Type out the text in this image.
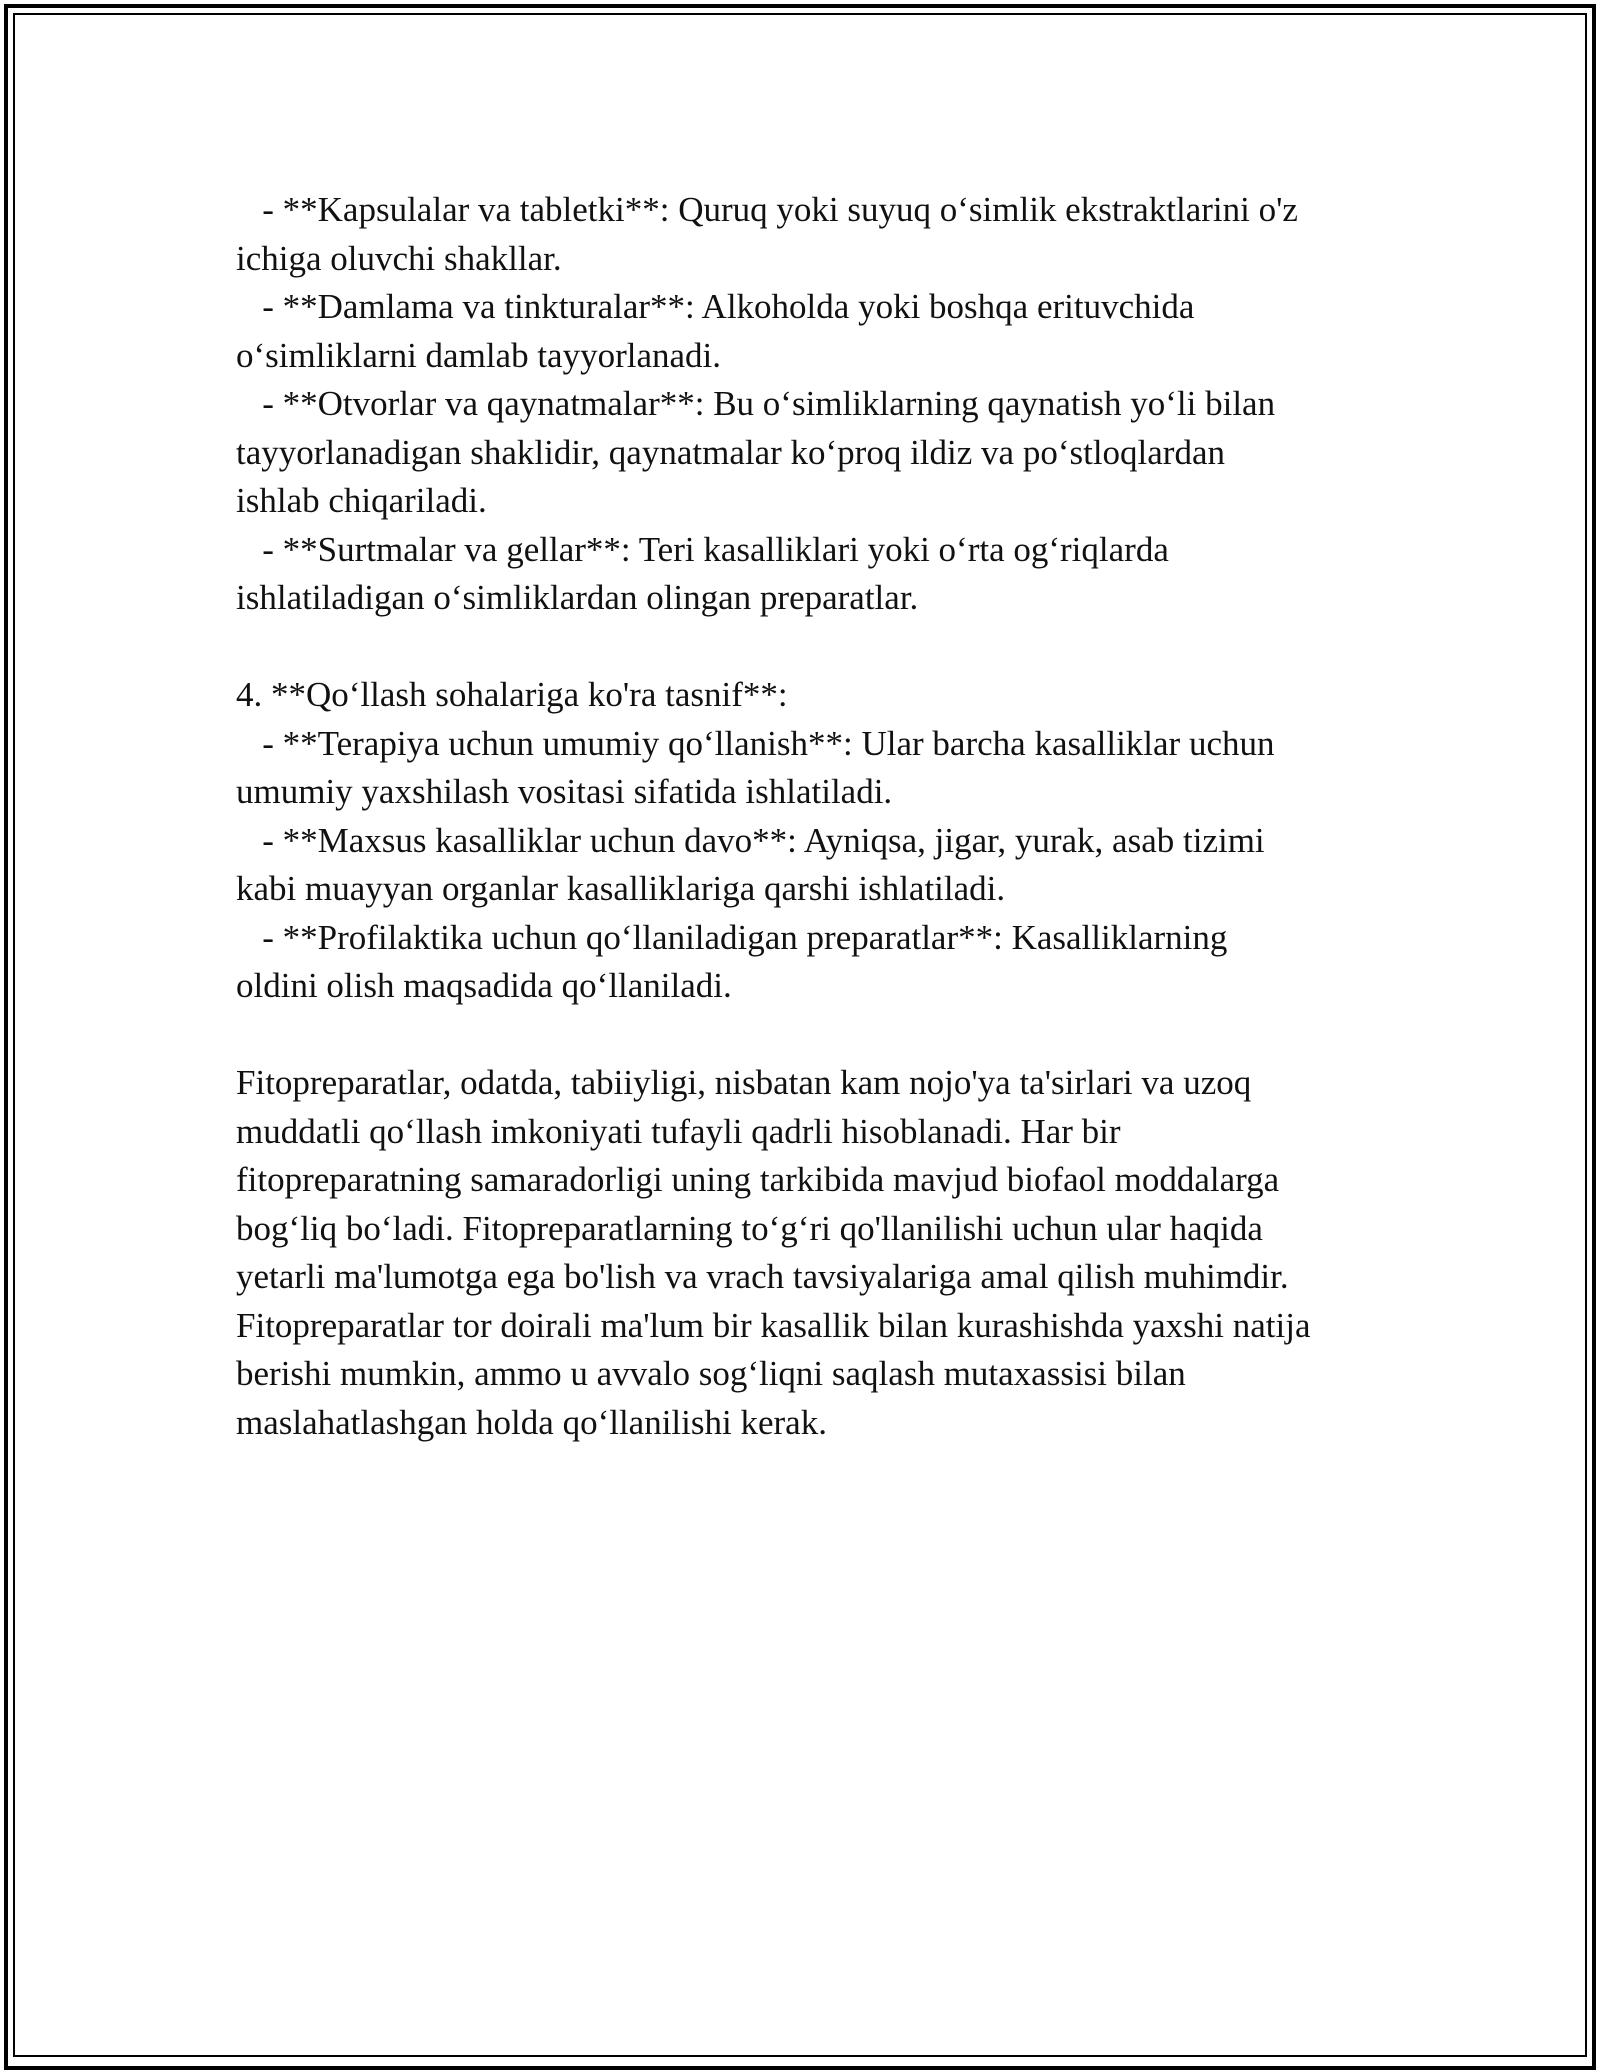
- **Kapsulalar va tabletki**: Quruq yoki suyuq o‘simlik ekstraktlarini o'z
ichiga oluvchi shakllar.
- **Damlama va tinkturalar**: Alkoholda yoki boshqa erituvchida
o‘simliklarni damlab tayyorlanadi.
- **Otvorlar va qaynatmalar**: Bu o‘simliklarning qaynatish yo‘li bilan
tayyorlanadigan shaklidir, qaynatmalar ko‘proq ildiz va po‘stloqlardan
ishlab chiqariladi.
- **Surtmalar va gellar**: Teri kasalliklari yoki o‘rta og‘riqlarda
ishlatiladigan o‘simliklardan olingan preparatlar.
4. **Qo‘llash sohalariga ko'ra tasnif**:
- **Terapiya uchun umumiy qo‘llanish**: Ular barcha kasalliklar uchun
umumiy yaxshilash vositasi sifatida ishlatiladi.
- **Maxsus kasalliklar uchun davo**: Ayniqsa, jigar, yurak, asab tizimi
kabi muayyan organlar kasalliklariga qarshi ishlatiladi.
- **Profilaktika uchun qo‘llaniladigan preparatlar**: Kasalliklarning
oldini olish maqsadida qo‘llaniladi.
Fitopreparatlar, odatda, tabiiyligi, nisbatan kam nojo'ya ta'sirlari va uzoq
muddatli qo‘llash imkoniyati tufayli qadrli hisoblanadi. Har bir
fitopreparatning samaradorligi uning tarkibida mavjud biofaol moddalarga
bog‘liq bo‘ladi. Fitopreparatlarning to‘g‘ri qo'llanilishi uchun ular haqida
yetarli ma'lumotga ega bo'lish va vrach tavsiyalariga amal qilish muhimdir.
Fitopreparatlar tor doirali ma'lum bir kasallik bilan kurashishda yaxshi natija
berishi mumkin, ammo u avvalo sog‘liqni saqlash mutaxassisi bilan
maslahatlashgan holda qo‘llanilishi kerak.
